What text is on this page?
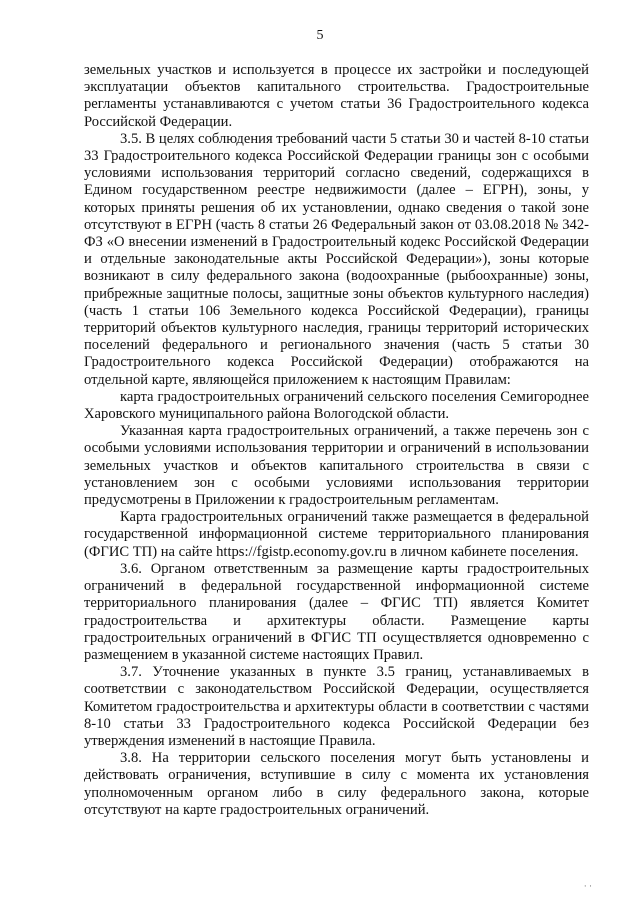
5

земельных участков и используется в процессе их застройки и последующей эксплуатации объектов капитального строительства. Градостроительные регламенты устанавливаются с учетом статьи 36 Градостроительного кодекса Российской Федерации.

3.5. В целях соблюдения требований части 5 статьи 30 и частей 8-10 статьи 33 Градостроительного кодекса Российской Федерации границы зон с особыми условиями использования территорий согласно сведений, содержащихся в Едином государственном реестре недвижимости (далее – ЕГРН), зоны, у которых приняты решения об их установлении, однако сведения о такой зоне отсутствуют в ЕГРН (часть 8 статьи 26 Федеральный закон от 03.08.2018 № 342-ФЗ «О внесении изменений в Градостроительный кодекс Российской Федерации и отдельные законодательные акты Российской Федерации»), зоны которые возникают в силу федерального закона (водоохранные (рыбоохранные) зоны, прибрежные защитные полосы, защитные зоны объектов культурного наследия) (часть 1 статьи 106 Земельного кодекса Российской Федерации), границы территорий объектов культурного наследия, границы территорий исторических поселений федерального и регионального значения (часть 5 статьи 30 Градостроительного кодекса Российской Федерации) отображаются на отдельной карте, являющейся приложением к настоящим Правилам:

карта градостроительных ограничений сельского поселения Семигороднее Харовского муниципального района Вологодской области.

Указанная карта градостроительных ограничений, а также перечень зон с особыми условиями использования территории и ограничений в использовании земельных участков и объектов капитального строительства в связи с установлением зон с особыми условиями использования территории предусмотрены в Приложении к градостроительным регламентам.

Карта градостроительных ограничений также размещается в федеральной государственной информационной системе территориального планирования (ФГИС ТП) на сайте https://fgistp.economy.gov.ru в личном кабинете поселения.

3.6. Органом ответственным за размещение карты градостроительных ограничений в федеральной государственной информационной системе территориального планирования (далее – ФГИС ТП) является Комитет градостроительства и архитектуры области. Размещение карты градостроительных ограничений в ФГИС ТП осуществляется одновременно с размещением в указанной системе настоящих Правил.

3.7. Уточнение указанных в пункте 3.5 границ, устанавливаемых в соответствии с законодательством Российской Федерации, осуществляется Комитетом градостроительства и архитектуры области в соответствии с частями 8-10 статьи 33 Градостроительного кодекса Российской Федерации без утверждения изменений в настоящие Правила.

3.8. На территории сельского поселения могут быть установлены и действовать ограничения, вступившие в силу с момента их установления уполномоченным органом либо в силу федерального закона, которые отсутствуют на карте градостроительных ограничений.

· ·
